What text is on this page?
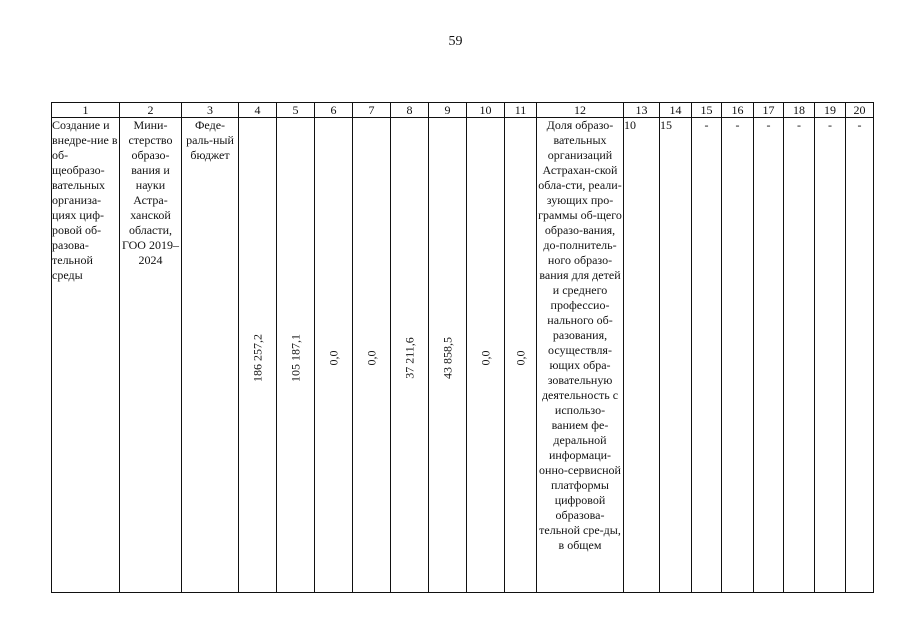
59
1	2	3	4	5	6	7	8	9	10	11	12	13	14	15	16	17	18	19	20
Создание и внедре-ние в об-щеобразо-вательных организа-циях циф-ровой об-разова-тельной среды	Мини-стерство образо-вания и науки Астра-ханской области, ГОО 2019– 2024	Феде-раль-ный бюджет	186 257,2	105 187,1	0,0	0,0	37 211,6	43 858,5	0,0	0,0	Доля образо-вательных организаций Астрахан-ской обла-сти, реали-зующих про-граммы об-щего образо-вания, до-полнитель-ного образо-вания для детей и среднего профессио-нального об-разования, осуществля-ющих обра-зовательную деятельность с использо-ванием фе-деральной информаци-онно-сервисной платформы цифровой образова-тельной сре-ды, в общем	10	15	-	-	-	-	-	-
